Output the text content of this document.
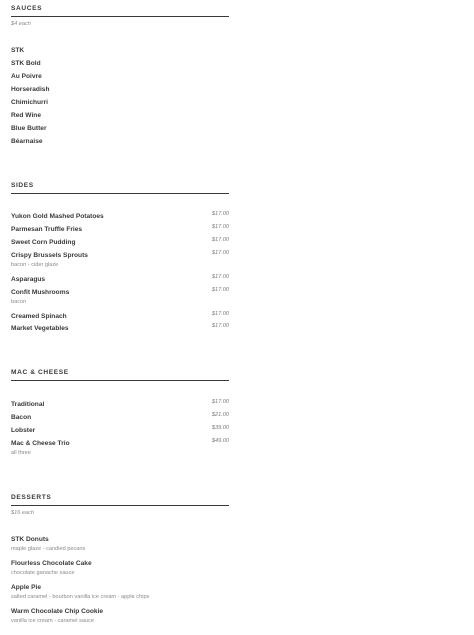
SAUCES
$4 each
STK
STK Bold
Au Poivre
Horseradish
Chimichurri
Red Wine
Blue Butter
Béarnaise
SIDES
Yukon Gold Mashed Potatoes	$17.00
Parmesan Truffle Fries	$17.00
Sweet Corn Pudding	$17.00
Crispy Brussels Sprouts	$17.00
bacon - cider glaze
Asparagus	$17.00
Confit Mushrooms	$17.00
bacon
Creamed Spinach	$17.00
Market Vegetables	$17.00
MAC & CHEESE
Traditional	$17.00
Bacon	$21.00
Lobster	$39.00
Mac & Cheese Trio	$49.00
all three
DESSERTS
$16 each
STK Donuts
maple glaze - candied pecans
Flourless Chocolate Cake
chocolate ganache sauce
Apple Pie
salted caramel - bourbon vanilla ice cream - apple chips
Warm Chocolate Chip Cookie
vanilla ice cream - caramel sauce
